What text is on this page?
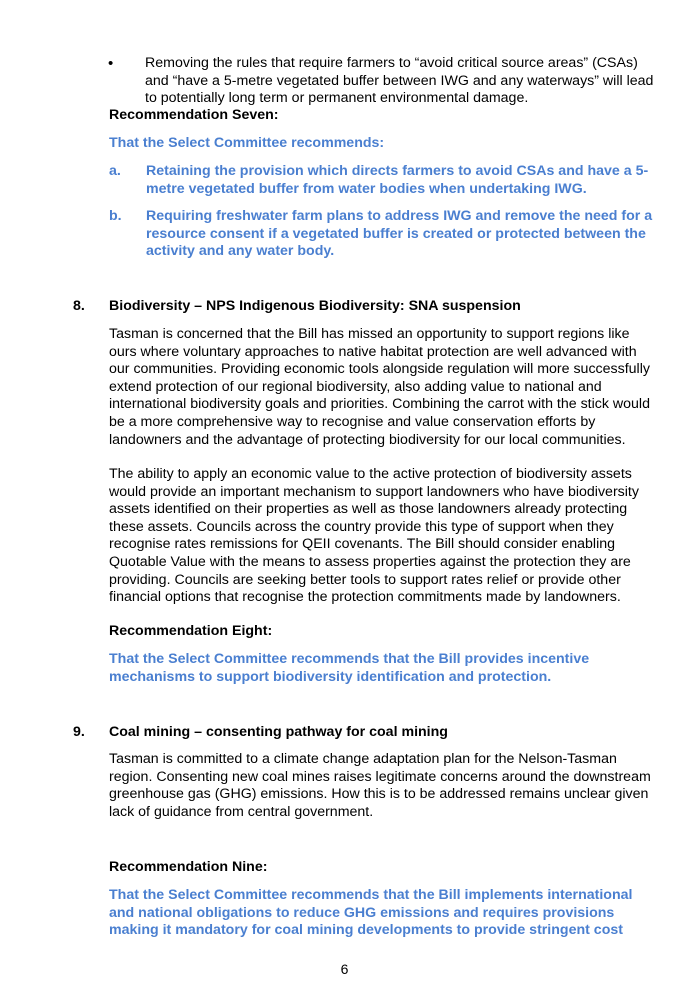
• Removing the rules that require farmers to “avoid critical source areas” (CSAs) and “have a 5-metre vegetated buffer between IWG and any waterways” will lead to potentially long term or permanent environmental damage.
Recommendation Seven:
That the Select Committee recommends:
a. Retaining the provision which directs farmers to avoid CSAs and have a 5-metre vegetated buffer from water bodies when undertaking IWG.
b. Requiring freshwater farm plans to address IWG and remove the need for a resource consent if a vegetated buffer is created or protected between the activity and any water body.
8. Biodiversity – NPS Indigenous Biodiversity: SNA suspension

Tasman is concerned that the Bill has missed an opportunity to support regions like ours where voluntary approaches to native habitat protection are well advanced with our communities. Providing economic tools alongside regulation will more successfully extend protection of our regional biodiversity, also adding value to national and international biodiversity goals and priorities. Combining the carrot with the stick would be a more comprehensive way to recognise and value conservation efforts by landowners and the advantage of protecting biodiversity for our local communities.

The ability to apply an economic value to the active protection of biodiversity assets would provide an important mechanism to support landowners who have biodiversity assets identified on their properties as well as those landowners already protecting these assets. Councils across the country provide this type of support when they recognise rates remissions for QEII covenants. The Bill should consider enabling Quotable Value with the means to assess properties against the protection they are providing. Councils are seeking better tools to support rates relief or provide other financial options that recognise the protection commitments made by landowners.

Recommendation Eight:

That the Select Committee recommends that the Bill provides incentive mechanisms to support biodiversity identification and protection.

9. Coal mining – consenting pathway for coal mining

Tasman is committed to a climate change adaptation plan for the Nelson-Tasman region. Consenting new coal mines raises legitimate concerns around the downstream greenhouse gas (GHG) emissions. How this is to be addressed remains unclear given lack of guidance from central government.

Recommendation Nine:

That the Select Committee recommends that the Bill implements international and national obligations to reduce GHG emissions and requires provisions making it mandatory for coal mining developments to provide stringent cost

6
